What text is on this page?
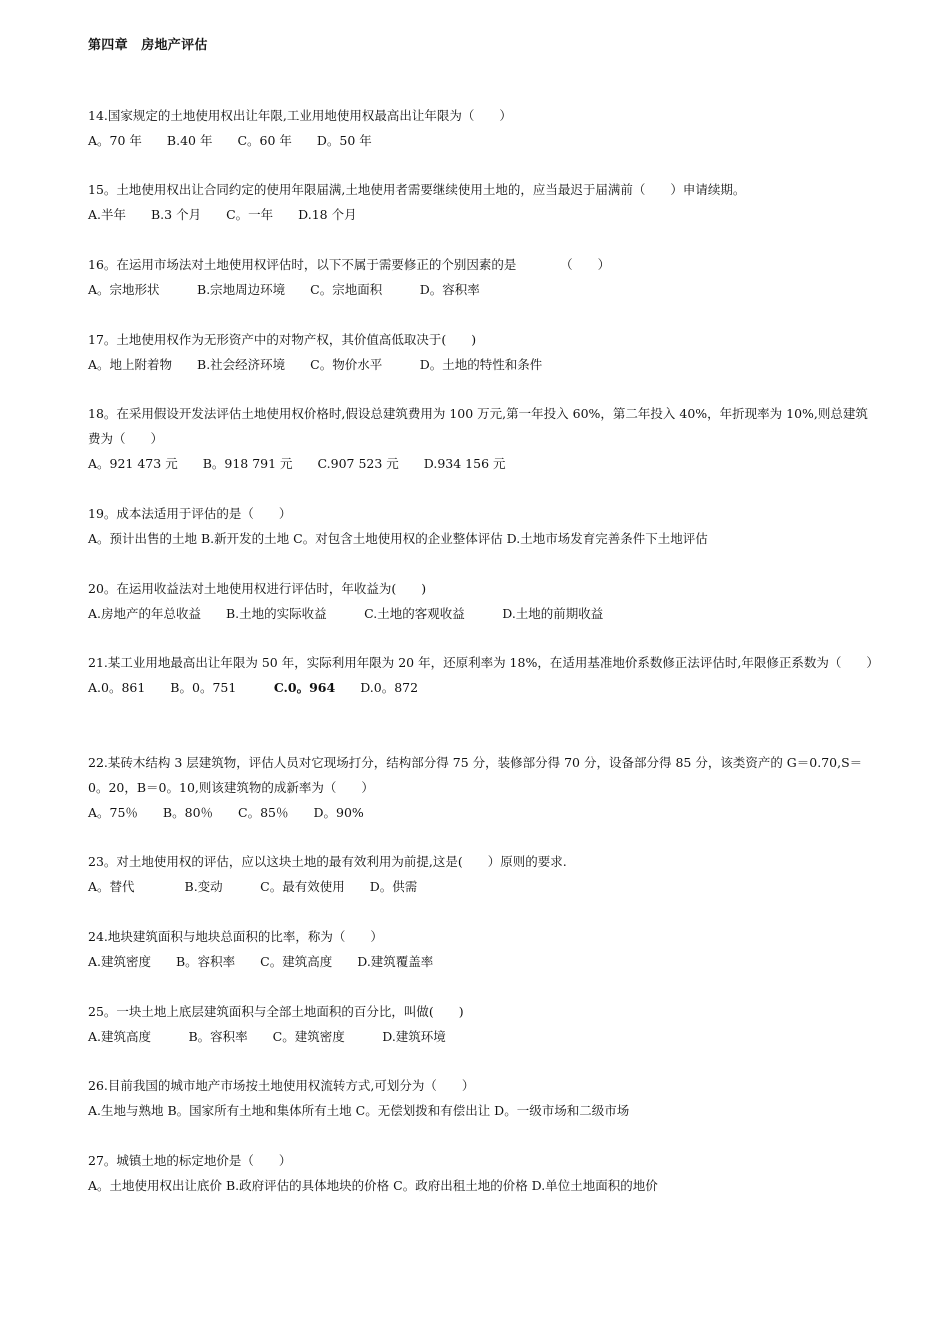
第四章　房地产评估
14.国家规定的土地使用权出让年限,工业用地使用权最高出让年限为（　　）
A。70 年　　B.40 年　　C。60 年　　D。50 年
15。土地使用权出让合同约定的使用年限届满,土地使用者需要继续使用土地的，应当最迟于届满前（　　）申请续期。
A.半年　　B.3 个月　　C。一年　　D.18 个月
16。在运用市场法对土地使用权评估时，以下不属于需要修正的个别因素的是　　　　（　　）
A。宗地形状　　　B.宗地周边环境　　C。宗地面积　　　D。容积率
17。土地使用权作为无形资产中的对物产权，其价值高低取决于(　　)
A。地上附着物　　B.社会经济环境　　C。物价水平　　　D。土地的特性和条件
18。在采用假设开发法评估土地使用权价格时,假设总建筑费用为 100 万元,第一年投入 60%，第二年投入 40%，年折现率为 10%,则总建筑费为（　　）
A。921 473 元　　B。918 791 元　　C.907 523 元　　D.934 156 元
19。成本法适用于评估的是（　　）
A。预计出售的土地 B.新开发的土地 C。对包含土地使用权的企业整体评估 D.土地市场发育完善条件下土地评估
20。在运用收益法对土地使用权进行评估时，年收益为(　　)
A.房地产的年总收益　　B.土地的实际收益　　　C.土地的客观收益　　　D.土地的前期收益
21.某工业用地最高出让年限为 50 年，实际利用年限为 20 年，还原利率为 18%，在适用基准地价系数修正法评估时,年限修正系数为（　　）
A.0。861　　B。0。751　　　C.0。964　　D.0。872
22.某砖木结构 3 层建筑物，评估人员对它现场打分，结构部分得 75 分，装修部分得 70 分，设备部分得 85 分，该类资产的 G＝0.70,S＝0。20，B＝0。10,则该建筑物的成新率为（　　）
A。75％　　B。80％　　C。85％　　D。90%
23。对土地使用权的评估，应以这块土地的最有效利用为前提,这是(　　）原则的要求.
A。替代　　　　B.变动　　　C。最有效使用　　D。供需
24.地块建筑面积与地块总面积的比率，称为（　　）
A.建筑密度　　B。容积率　　C。建筑高度　　D.建筑覆盖率
25。一块土地上底层建筑面积与全部土地面积的百分比，叫做(　　)
A.建筑高度　　　B。容积率　　C。建筑密度　　　D.建筑环境
26.目前我国的城市地产市场按土地使用权流转方式,可划分为（　　）
A.生地与熟地 B。国家所有土地和集体所有土地 C。无偿划拨和有偿出让 D。一级市场和二级市场
27。城镇土地的标定地价是（　　）
A。土地使用权出让底价 B.政府评估的具体地块的价格 C。政府出租土地的价格 D.单位土地面积的地价
